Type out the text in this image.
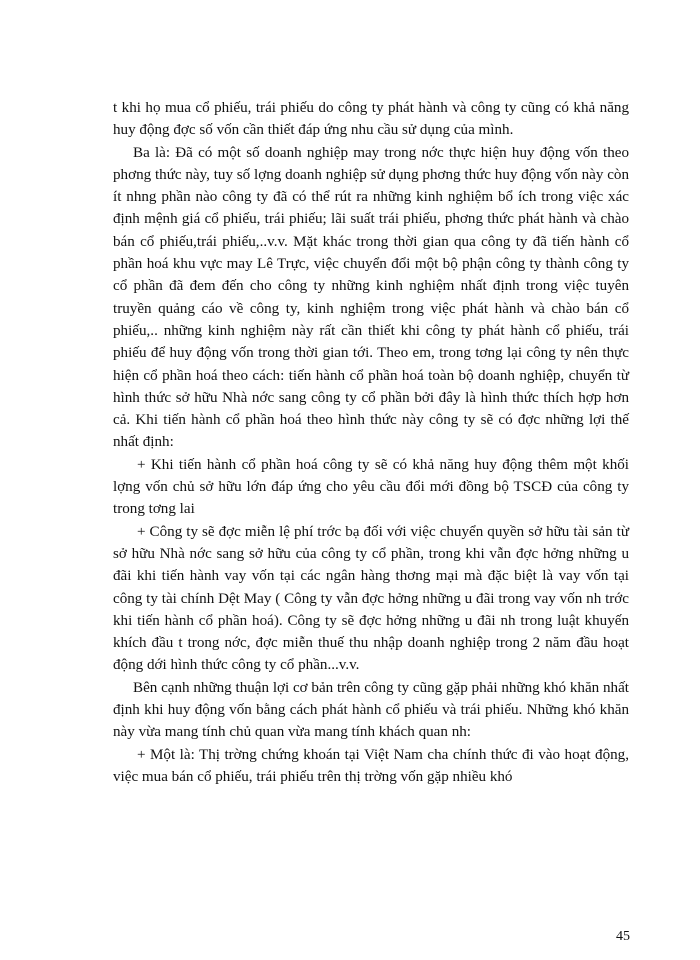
t khi họ mua cổ phiếu, trái phiếu do công ty phát hành và công ty cũng có khả năng huy động đợc số vốn cần thiết đáp ứng nhu cầu sử dụng của mình.

Ba là: Đã có một số doanh nghiệp may trong nớc thực hiện huy động vốn theo phơng thức này, tuy số lợng doanh nghiệp sử dụng phơng thức huy động vốn này còn ít nhng phần nào công ty đã có thể rút ra những kinh nghiệm bổ ích trong việc xác định mệnh giá cổ phiếu, trái phiếu; lãi suất trái phiếu, phơng thức phát hành và chào bán cổ phiếu,trái phiếu,..v.v. Mặt khác trong thời gian qua công ty đã tiến hành cổ phần hoá khu vực may Lê Trực, việc chuyển đổi một bộ phận công ty thành công ty cổ phần đã đem đến cho công ty những kinh nghiệm nhất định trong việc tuyên truyền quảng cáo về công ty, kinh nghiệm trong việc phát hành và chào bán cổ phiếu,.. những kinh nghiệm này rất cần thiết khi công ty phát hành cổ phiếu, trái phiếu để huy động vốn trong thời gian tới. Theo em, trong tơng lại công ty nên thực hiện cổ phần hoá theo cách: tiến hành cổ phần hoá toàn bộ doanh nghiệp, chuyển từ hình thức sở hữu Nhà nớc sang công ty cổ phần bởi đây là hình thức thích hợp hơn cả. Khi tiến hành cổ phần hoá theo hình thức này công ty sẽ có đợc những lợi thế nhất định:

+ Khi tiến hành cổ phần hoá công ty sẽ có khả năng huy động thêm một khối lợng vốn chủ sở hữu lớn đáp ứng cho yêu cầu đổi mới đồng bộ TSCĐ của công ty trong tơng lai

+ Công ty sẽ đợc miễn lệ phí trớc bạ đối với việc chuyển quyền sở hữu tài sản từ sở hữu Nhà nớc sang sở hữu của công ty cổ phần, trong khi vẫn đợc hởng những u đãi khi tiến hành vay vốn tại các ngân hàng thơng mại mà đặc biệt là vay vốn tại công ty tài chính Dệt May ( Công ty vẫn đợc hởng những u đãi trong vay vốn nh trớc khi tiến hành cổ phần hoá). Công ty sẽ đợc hởng những u đãi nh trong luật khuyến khích đầu t trong nớc, đợc miễn thuế thu nhập doanh nghiệp trong 2 năm đầu hoạt động dới hình thức công ty cổ phần...v.v.

Bên cạnh những thuận lợi cơ bản trên công ty cũng gặp phải những khó khăn nhất định khi huy động vốn bằng cách phát hành cổ phiếu và trái phiếu. Những khó khăn này vừa mang tính chủ quan vừa mang tính khách quan nh:

+ Một là: Thị trờng chứng khoán tại Việt Nam cha chính thức đi vào hoạt động, việc mua bán cổ phiếu, trái phiếu trên thị trờng vốn gặp nhiều khó

45
